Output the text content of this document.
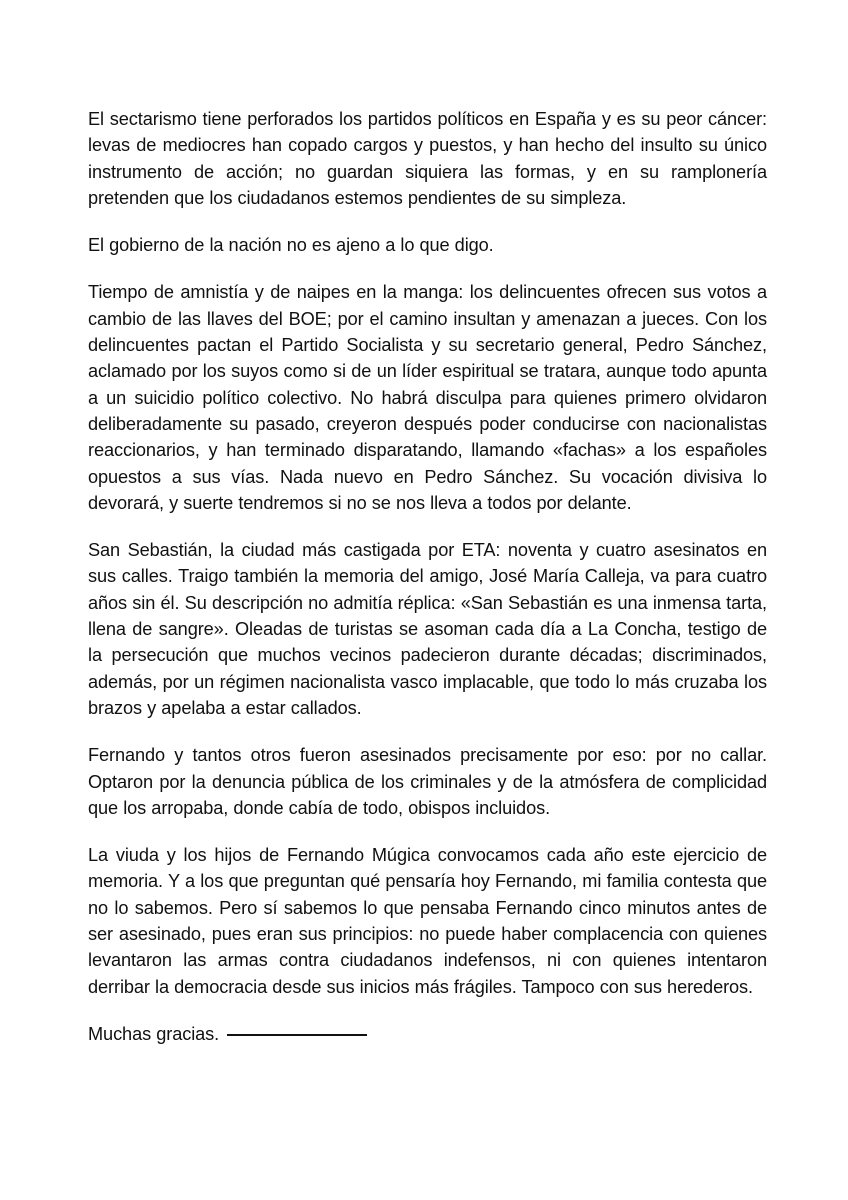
El sectarismo tiene perforados los partidos políticos en España y es su peor cáncer: levas de mediocres han copado cargos y puestos, y han hecho del insulto su único instrumento de acción; no guardan siquiera las formas, y en su ramplonería pretenden que los ciudadanos estemos pendientes de su simpleza.

El gobierno de la nación no es ajeno a lo que digo.

Tiempo de amnistía y de naipes en la manga: los delincuentes ofrecen sus votos a cambio de las llaves del BOE; por el camino insultan y amenazan a jueces. Con los delincuentes pactan el Partido Socialista y su secretario general, Pedro Sánchez, aclamado por los suyos como si de un líder espiritual se tratara, aunque todo apunta a un suicidio político colectivo. No habrá disculpa para quienes primero olvidaron deliberadamente su pasado, creyeron después poder conducirse con nacionalistas reaccionarios, y han terminado disparatando, llamando «fachas» a los españoles opuestos a sus vías. Nada nuevo en Pedro Sánchez. Su vocación divisiva lo devorará, y suerte tendremos si no se nos lleva a todos por delante.

San Sebastián, la ciudad más castigada por ETA: noventa y cuatro asesinatos en sus calles. Traigo también la memoria del amigo, José María Calleja, va para cuatro años sin él. Su descripción no admitía réplica: «San Sebastián es una inmensa tarta, llena de sangre». Oleadas de turistas se asoman cada día a La Concha, testigo de la persecución que muchos vecinos padecieron durante décadas; discriminados, además, por un régimen nacionalista vasco implacable, que todo lo más cruzaba los brazos y apelaba a estar callados.

Fernando y tantos otros fueron asesinados precisamente por eso: por no callar. Optaron por la denuncia pública de los criminales y de la atmósfera de complicidad que los arropaba, donde cabía de todo, obispos incluidos.

La viuda y los hijos de Fernando Múgica convocamos cada año este ejercicio de memoria. Y a los que preguntan qué pensaría hoy Fernando, mi familia contesta que no lo sabemos. Pero sí sabemos lo que pensaba Fernando cinco minutos antes de ser asesinado, pues eran sus principios: no puede haber complacencia con quienes levantaron las armas contra ciudadanos indefensos, ni con quienes intentaron derribar la democracia desde sus inicios más frágiles. Tampoco con sus herederos.

Muchas gracias.
